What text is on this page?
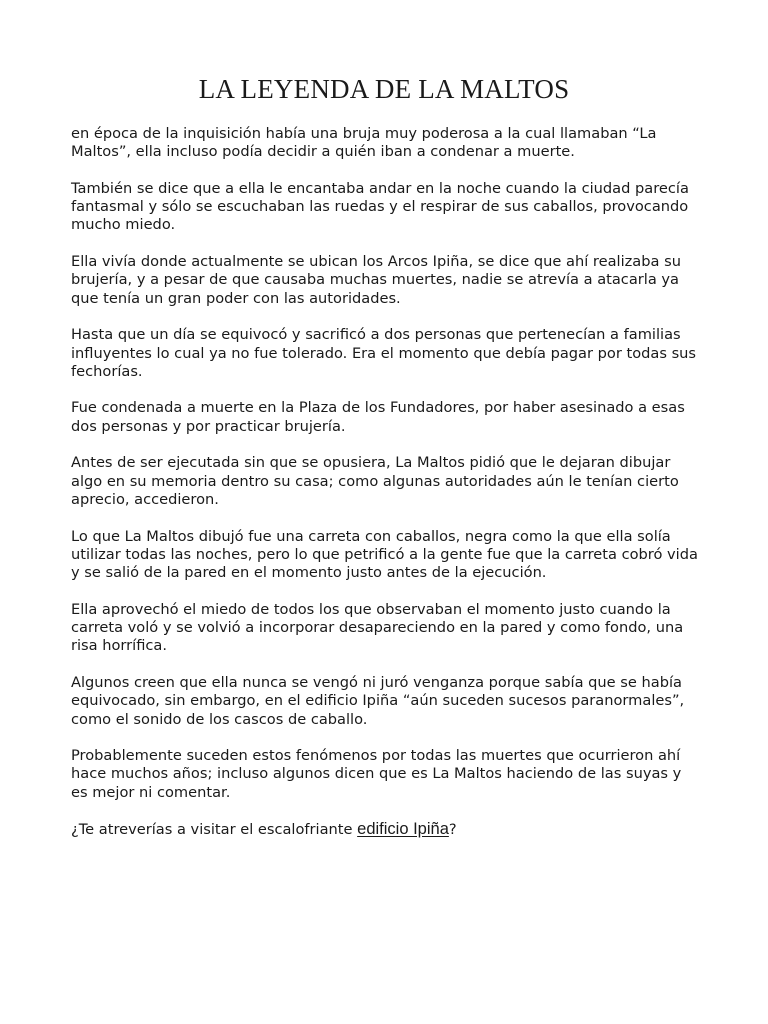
LA LEYENDA DE LA MALTOS

en época de la inquisición había una bruja muy poderosa a la cual llamaban “La Maltos”, ella incluso podía decidir a quién iban a condenar a muerte.

También se dice que a ella le encantaba andar en la noche cuando la ciudad parecía fantasmal y sólo se escuchaban las ruedas y el respirar de sus caballos, provocando mucho miedo.

Ella vivía donde actualmente se ubican los Arcos Ipiña, se dice que ahí realizaba su brujería, y a pesar de que causaba muchas muertes, nadie se atrevía a atacarla ya que tenía un gran poder con las autoridades.

Hasta que un día se equivocó y sacrificó a dos personas que pertenecían a familias influyentes lo cual ya no fue tolerado. Era el momento que debía pagar por todas sus fechorías.

Fue condenada a muerte en la Plaza de los Fundadores, por haber asesinado a esas dos personas y por practicar brujería.

Antes de ser ejecutada sin que se opusiera, La Maltos pidió que le dejaran dibujar algo en su memoria dentro su casa; como algunas autoridades aún le tenían cierto aprecio, accedieron.

Lo que La Maltos dibujó fue una carreta con caballos, negra como la que ella solía utilizar todas las noches, pero lo que petrificó a la gente fue que la carreta cobró vida y se salió de la pared en el momento justo antes de la ejecución.

Ella aprovechó el miedo de todos los que observaban el momento justo cuando la carreta voló y se volvió a incorporar desapareciendo en la pared y como fondo, una risa horrífica.

Algunos creen que ella nunca se vengó ni juró venganza porque sabía que se había equivocado, sin embargo, en el edificio Ipiña “aún suceden sucesos paranormales”, como el sonido de los cascos de caballo.

Probablemente suceden estos fenómenos por todas las muertes que ocurrieron ahí hace muchos años; incluso algunos dicen que es La Maltos haciendo de las suyas y es mejor ni comentar.

¿Te atreverías a visitar el escalofriante edificio Ipiña?
